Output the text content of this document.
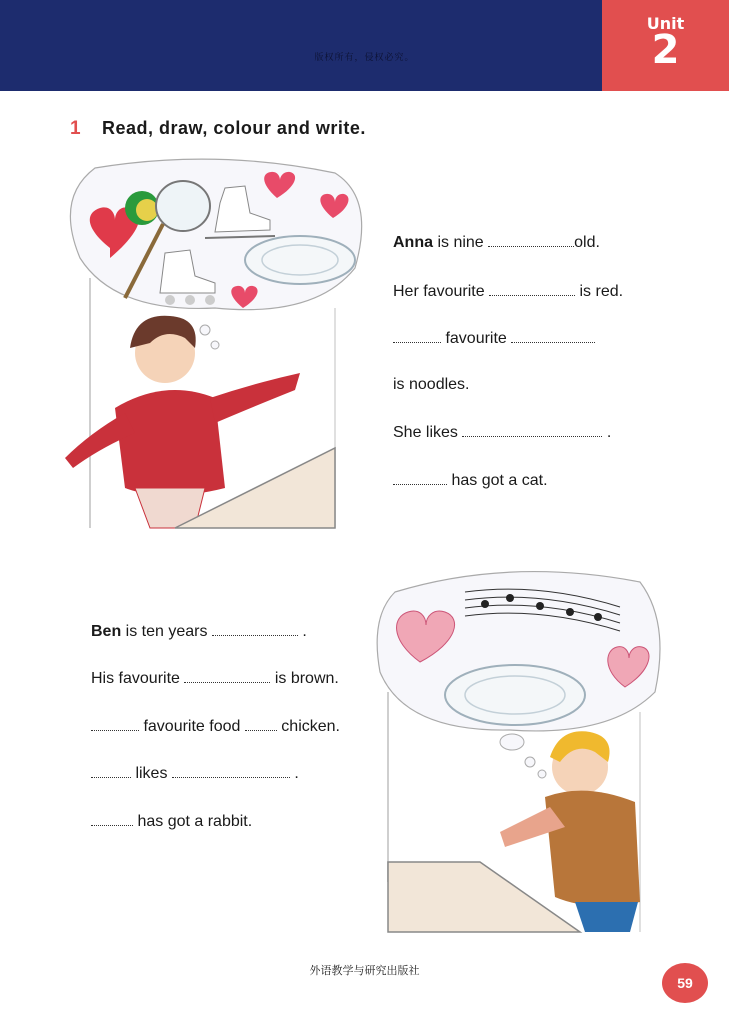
版权所有，侵权必究。
Unit
2
1 Read, draw, colour and write.
Anna is nine	old.
Her favourite	is red.
favourite
is noodles.
She likes	.
has got a cat.
Ben is ten years	.
His favourite	is brown.
favourite food  chicken.
likes	.
has got a rabbit.
外语教学与研究出版社
59
